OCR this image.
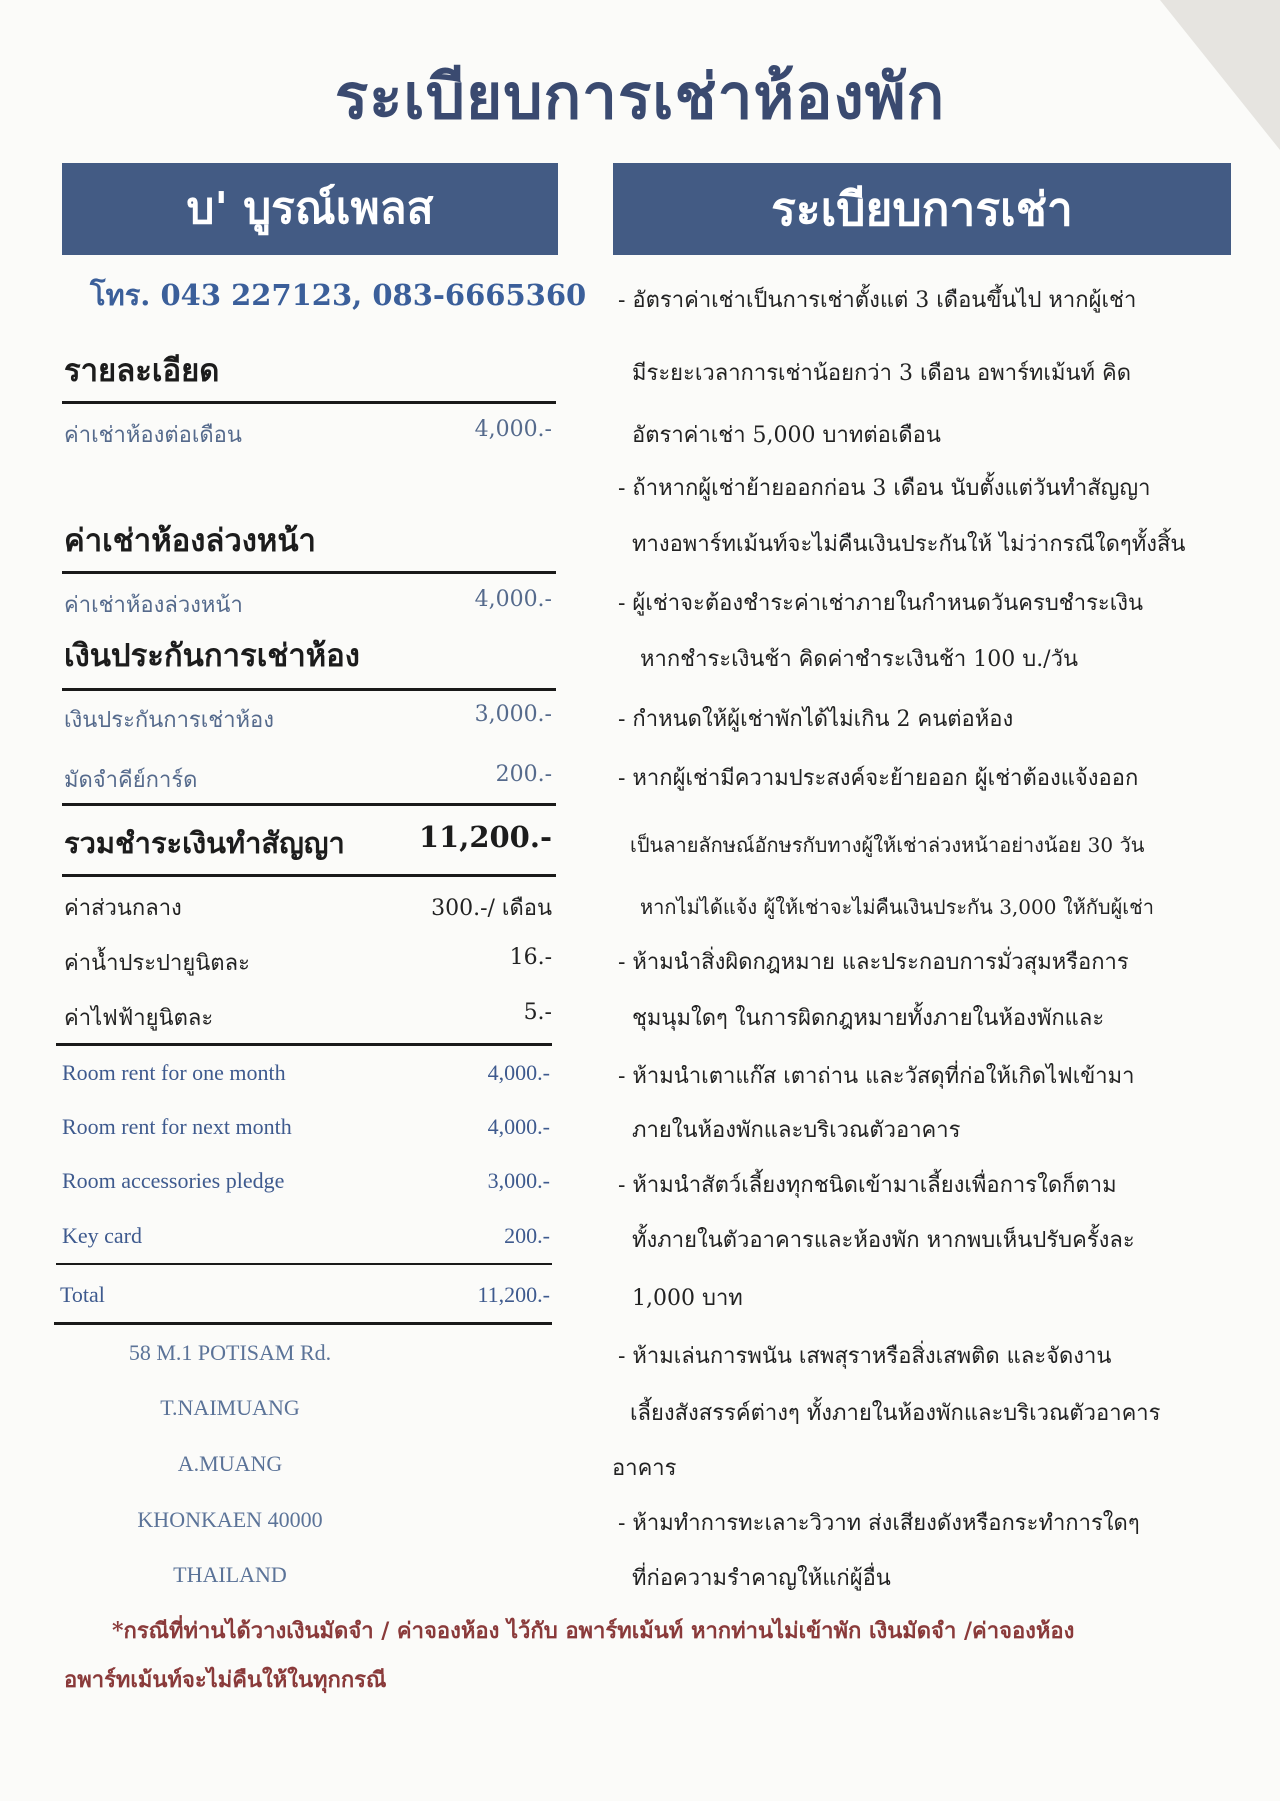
ระเบียบการเช่าห้องพัก
บ' บูรณ์เพลส	ระเบียบการเช่า
โทร. 043 227123, 083-6665360
รายละเอียด
ค่าเช่าห้องต่อเดือน	4,000.-
ค่าเช่าห้องล่วงหน้า
ค่าเช่าห้องล่วงหน้า	4,000.-
เงินประกันการเช่าห้อง
เงินประกันการเช่าห้อง	3,000.-
มัดจำคีย์การ์ด	200.-
รวมชำระเงินทำสัญญา	11,200.-
ค่าส่วนกลาง	300.-/ เดือน
ค่าน้ำประปายูนิตละ	16.-
ค่าไฟฟ้ายูนิตละ	5.-
Room rent for one month	4,000.-
Room rent for next month	4,000.-
Room accessories pledge	3,000.-
Key card	200.-
Total	11,200.-
58 M.1 POTISAM Rd.
T.NAIMUANG
A.MUANG
KHONKAEN 40000
THAILAND
- อัตราค่าเช่าเป็นการเช่าตั้งแต่ 3 เดือนขึ้นไป หากผู้เช่า
มีระยะเวลาการเช่าน้อยกว่า 3 เดือน อพาร์ทเม้นท์ คิด
อัตราค่าเช่า 5,000 บาทต่อเดือน
- ถ้าหากผู้เช่าย้ายออกก่อน 3 เดือน นับตั้งแต่วันทำสัญญา
ทางอพาร์ทเม้นท์จะไม่คืนเงินประกันให้ ไม่ว่ากรณีใดๆทั้งสิ้น
- ผู้เช่าจะต้องชำระค่าเช่าภายในกำหนดวันครบชำระเงิน
หากชำระเงินช้า คิดค่าชำระเงินช้า 100 บ./วัน
- กำหนดให้ผู้เช่าพักได้ไม่เกิน 2 คนต่อห้อง
- หากผู้เช่ามีความประสงค์จะย้ายออก ผู้เช่าต้องแจ้งออก
เป็นลายลักษณ์อักษรกับทางผู้ให้เช่าล่วงหน้าอย่างน้อย 30 วัน
หากไม่ได้แจ้ง ผู้ให้เช่าจะไม่คืนเงินประกัน 3,000 ให้กับผู้เช่า
- ห้ามนำสิ่งผิดกฎหมาย และประกอบการมั่วสุมหรือการ
ชุมนุมใดๆ ในการผิดกฎหมายทั้งภายในห้องพักและ
- ห้ามนำเตาแก๊ส เตาถ่าน และวัสดุที่ก่อให้เกิดไฟเข้ามา
ภายในห้องพักและบริเวณตัวอาคาร
- ห้ามนำสัตว์เลี้ยงทุกชนิดเข้ามาเลี้ยงเพื่อการใดก็ตาม
ทั้งภายในตัวอาคารและห้องพัก หากพบเห็นปรับครั้งละ
1,000 บาท
- ห้ามเล่นการพนัน เสพสุราหรือสิ่งเสพติด และจัดงาน
เลี้ยงสังสรรค์ต่างๆ ทั้งภายในห้องพักและบริเวณตัวอาคาร
อาคาร
- ห้ามทำการทะเลาะวิวาท ส่งเสียงดังหรือกระทำการใดๆ
ที่ก่อความรำคาญให้แก่ผู้อื่น
*กรณีที่ท่านได้วางเงินมัดจำ / ค่าจองห้อง ไว้กับ อพาร์ทเม้นท์ หากท่านไม่เข้าพัก เงินมัดจำ /ค่าจองห้อง
อพาร์ทเม้นท์จะไม่คืนให้ในทุกกรณี
